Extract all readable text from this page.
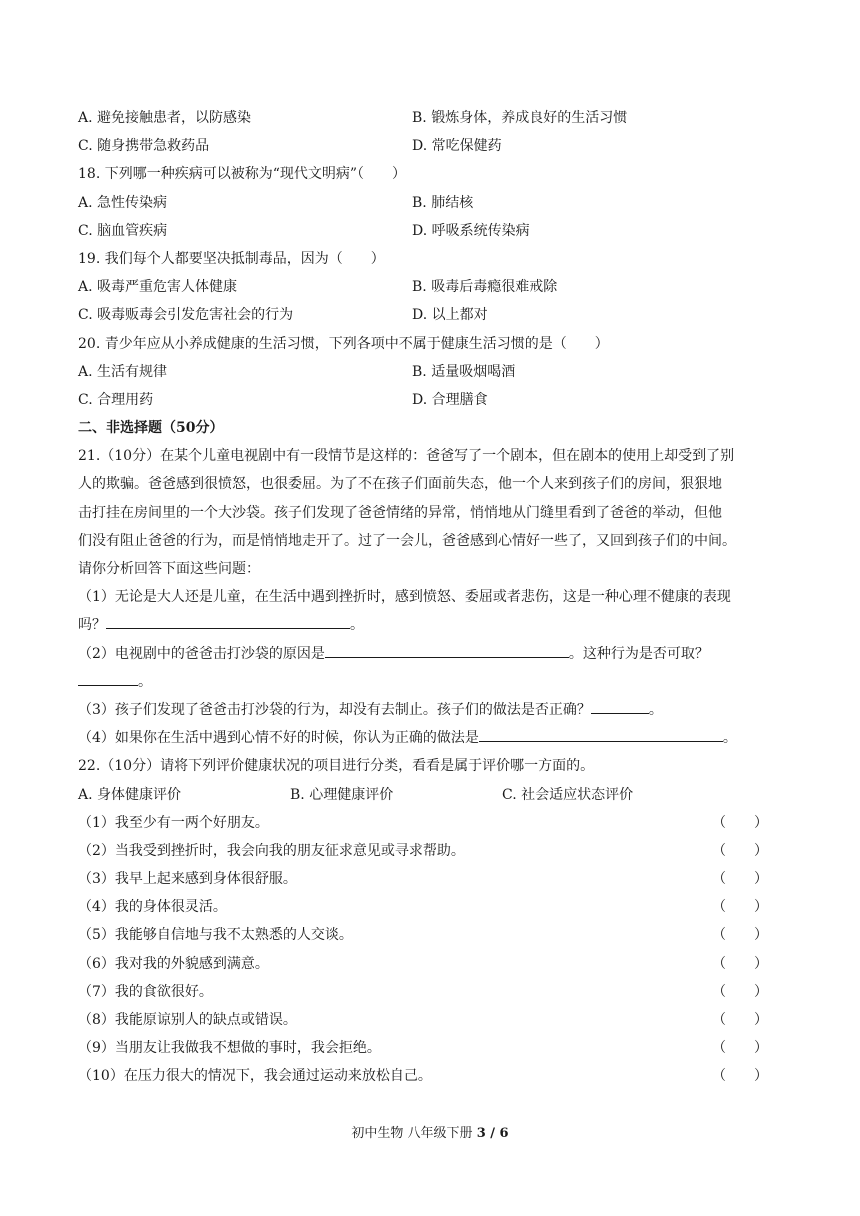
A. 避免接触患者，以防感染	B. 锻炼身体，养成良好的生活习惯
C. 随身携带急救药品	D. 常吃保健药
18. 下列哪一种疾病可以被称为“现代文明病”（　　）
A. 急性传染病	B. 肺结核
C. 脑血管疾病	D. 呼吸系统传染病
19. 我们每个人都要坚决抵制毒品，因为（　　）
A. 吸毒严重危害人体健康	B. 吸毒后毒瘾很难戒除
C. 吸毒贩毒会引发危害社会的行为	D. 以上都对
20. 青少年应从小养成健康的生活习惯，下列各项中不属于健康生活习惯的是（　　）
A. 生活有规律	B. 适量吸烟喝酒
C. 合理用药	D. 合理膳食
二、非选择题（50分）
21.（10分）在某个儿童电视剧中有一段情节是这样的：爸爸写了一个剧本，但在剧本的使用上却受到了别
人的欺骗。爸爸感到很愤怒，也很委屈。为了不在孩子们面前失态，他一个人来到孩子们的房间，狠狠地
击打挂在房间里的一个大沙袋。孩子们发现了爸爸情绪的异常，悄悄地从门缝里看到了爸爸的举动，但他
们没有阻止爸爸的行为，而是悄悄地走开了。过了一会儿，爸爸感到心情好一些了，又回到孩子们的中间。
请你分析回答下面这些问题：
（1）无论是大人还是儿童，在生活中遇到挫折时，感到愤怒、委屈或者悲伤，这是一种心理不健康的表现
吗？	。
（2）电视剧中的爸爸击打沙袋的原因是	。这种行为是否可取？
。
（3）孩子们发现了爸爸击打沙袋的行为，却没有去制止。孩子们的做法是否正确？	。
（4）如果你在生活中遇到心情不好的时候，你认为正确的做法是	。
22.（10分）请将下列评价健康状况的项目进行分类，看看是属于评价哪一方面的。
A. 身体健康评价	B. 心理健康评价	C. 社会适应状态评价
（1）我至少有一两个好朋友。	（　　）
（2）当我受到挫折时，我会向我的朋友征求意见或寻求帮助。	（　　）
（3）我早上起来感到身体很舒服。	（　　）
（4）我的身体很灵活。	（　　）
（5）我能够自信地与我不太熟悉的人交谈。	（　　）
（6）我对我的外貌感到满意。	（　　）
（7）我的食欲很好。	（　　）
（8）我能原谅别人的缺点或错误。	（　　）
（9）当朋友让我做我不想做的事时，我会拒绝。	（　　）
（10）在压力很大的情况下，我会通过运动来放松自己。	（　　）
初中生物 八年级下册 3 / 6
